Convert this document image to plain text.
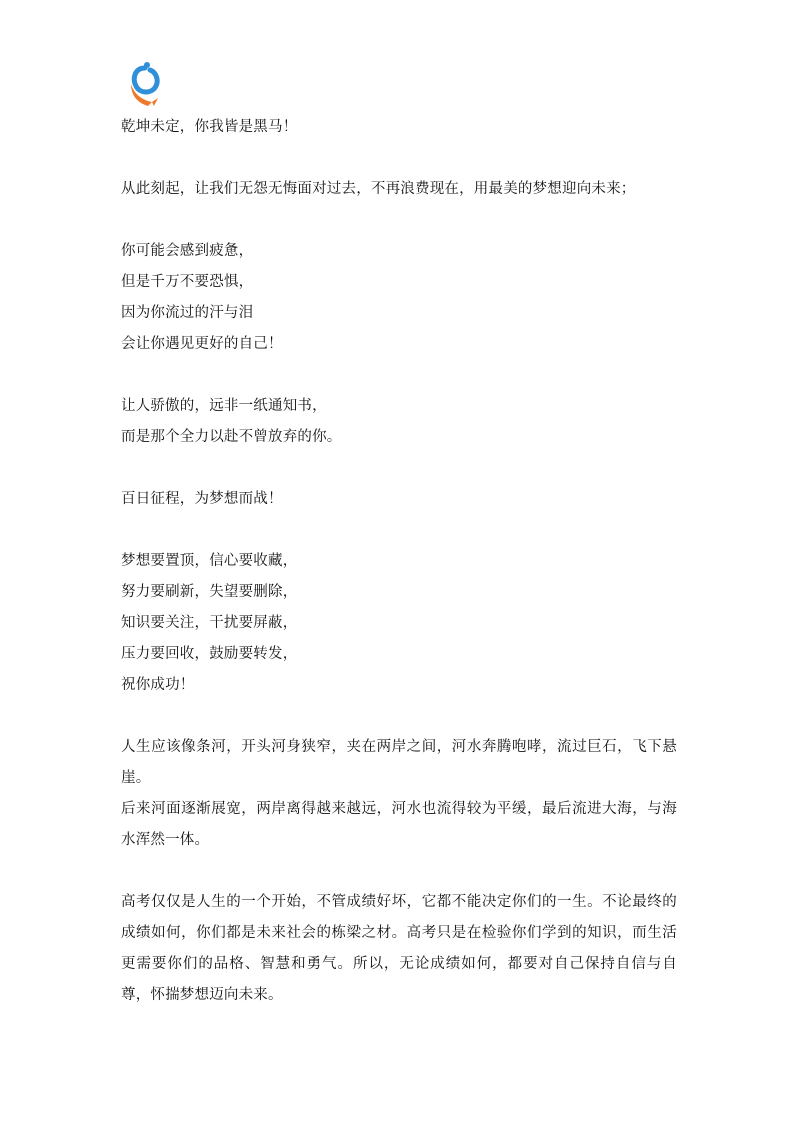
乾坤未定，你我皆是黑马！
从此刻起，让我们无怨无悔面对过去，不再浪费现在，用最美的梦想迎向未来；
你可能会感到疲惫，
但是千万不要恐惧，
因为你流过的汗与泪
会让你遇见更好的自己！
让人骄傲的，远非一纸通知书，
而是那个全力以赴不曾放弃的你。
百日征程，为梦想而战！
梦想要置顶，信心要收藏，
努力要刷新，失望要删除，
知识要关注，干扰要屏蔽，
压力要回收，鼓励要转发，
祝你成功！
人生应该像条河，开头河身狭窄，夹在两岸之间，河水奔腾咆哮，流过巨石，飞下悬崖。
后来河面逐渐展宽，两岸离得越来越远，河水也流得较为平缓，最后流进大海，与海水浑然一体。
高考仅仅是人生的一个开始，不管成绩好坏，它都不能决定你们的一生。不论最终的成绩如何，你们都是未来社会的栋梁之材。高考只是在检验你们学到的知识，而生活更需要你们的品格、智慧和勇气。所以，无论成绩如何，都要对自己保持自信与自尊，怀揣梦想迈向未来。
